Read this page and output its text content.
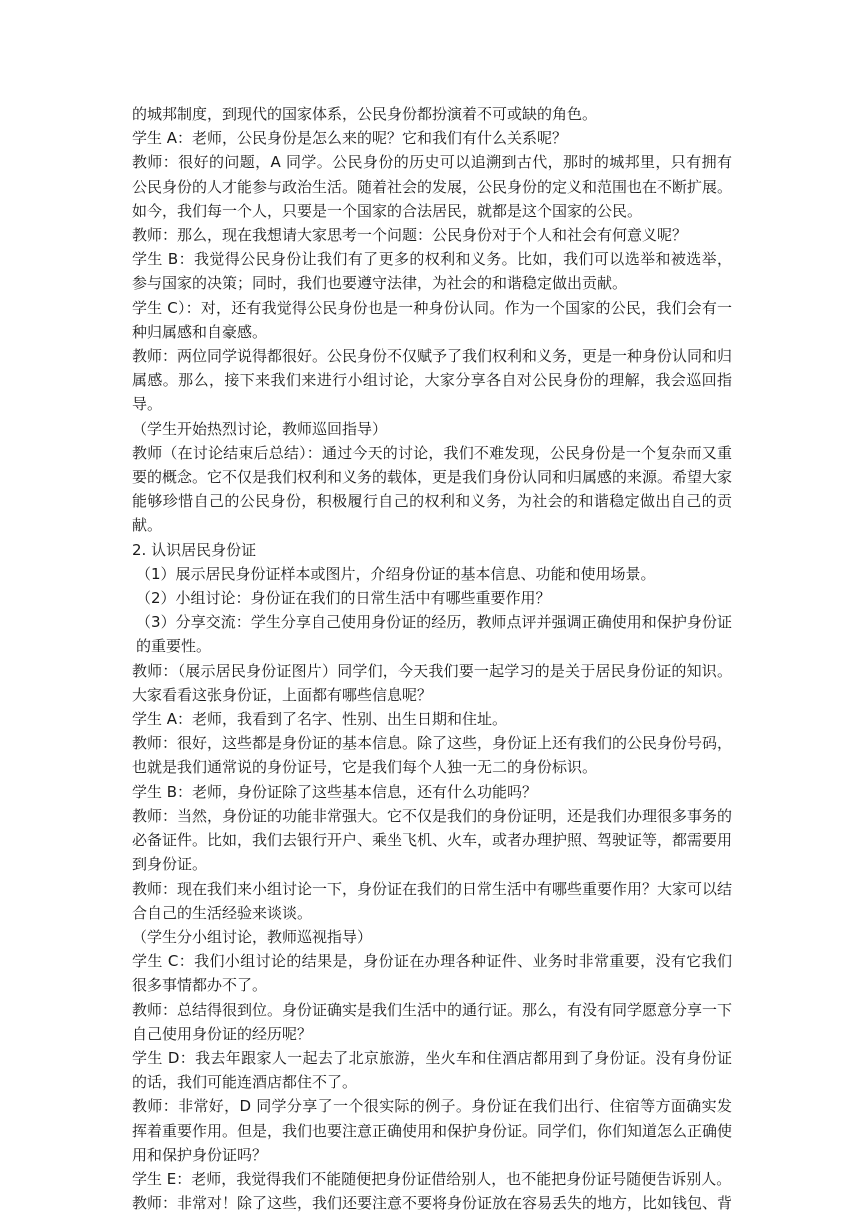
的城邦制度，到现代的国家体系，公民身份都扮演着不可或缺的角色。

学生 A：老师，公民身份是怎么来的呢？它和我们有什么关系呢？

教师：很好的问题，A 同学。公民身份的历史可以追溯到古代，那时的城邦里，只有拥有公民身份的人才能参与政治生活。随着社会的发展，公民身份的定义和范围也在不断扩展。如今，我们每一个人，只要是一个国家的合法居民，就都是这个国家的公民。

教师：那么，现在我想请大家思考一个问题：公民身份对于个人和社会有何意义呢？

学生 B：我觉得公民身份让我们有了更多的权利和义务。比如，我们可以选举和被选举，参与国家的决策；同时，我们也要遵守法律，为社会的和谐稳定做出贡献。

学生 C）：对，还有我觉得公民身份也是一种身份认同。作为一个国家的公民，我们会有一种归属感和自豪感。

教师：两位同学说得都很好。公民身份不仅赋予了我们权利和义务，更是一种身份认同和归属感。那么，接下来我们来进行小组讨论，大家分享各自对公民身份的理解，我会巡回指导。

（学生开始热烈讨论，教师巡回指导）

教师（在讨论结束后总结）：通过今天的讨论，我们不难发现，公民身份是一个复杂而又重要的概念。它不仅是我们权利和义务的载体，更是我们身份认同和归属感的来源。希望大家能够珍惜自己的公民身份，积极履行自己的权利和义务，为社会的和谐稳定做出自己的贡献。

2. 认识居民身份证

（1）展示居民身份证样本或图片，介绍身份证的基本信息、功能和使用场景。

（2）小组讨论：身份证在我们的日常生活中有哪些重要作用？

（3）分享交流：学生分享自己使用身份证的经历，教师点评并强调正确使用和保护身份证的重要性。

教师：（展示居民身份证图片）同学们，今天我们要一起学习的是关于居民身份证的知识。大家看看这张身份证，上面都有哪些信息呢？

学生 A：老师，我看到了名字、性别、出生日期和住址。

教师：很好，这些都是身份证的基本信息。除了这些，身份证上还有我们的公民身份号码，也就是我们通常说的身份证号，它是我们每个人独一无二的身份标识。

学生 B：老师，身份证除了这些基本信息，还有什么功能吗？

教师：当然，身份证的功能非常强大。它不仅是我们的身份证明，还是我们办理很多事务的必备证件。比如，我们去银行开户、乘坐飞机、火车，或者办理护照、驾驶证等，都需要用到身份证。

教师：现在我们来小组讨论一下，身份证在我们的日常生活中有哪些重要作用？大家可以结合自己的生活经验来谈谈。

（学生分小组讨论，教师巡视指导）

学生 C：我们小组讨论的结果是，身份证在办理各种证件、业务时非常重要，没有它我们很多事情都办不了。

教师：总结得很到位。身份证确实是我们生活中的通行证。那么，有没有同学愿意分享一下自己使用身份证的经历呢？

学生 D：我去年跟家人一起去了北京旅游，坐火车和住酒店都用到了身份证。没有身份证的话，我们可能连酒店都住不了。

教师：非常好，D 同学分享了一个很实际的例子。身份证在我们出行、住宿等方面确实发挥着重要作用。但是，我们也要注意正确使用和保护身份证。同学们，你们知道怎么正确使用和保护身份证吗？

学生 E：老师，我觉得我们不能随便把身份证借给别人，也不能把身份证号随便告诉别人。

教师：非常对！除了这些，我们还要注意不要将身份证放在容易丢失的地方，比如钱包、背
